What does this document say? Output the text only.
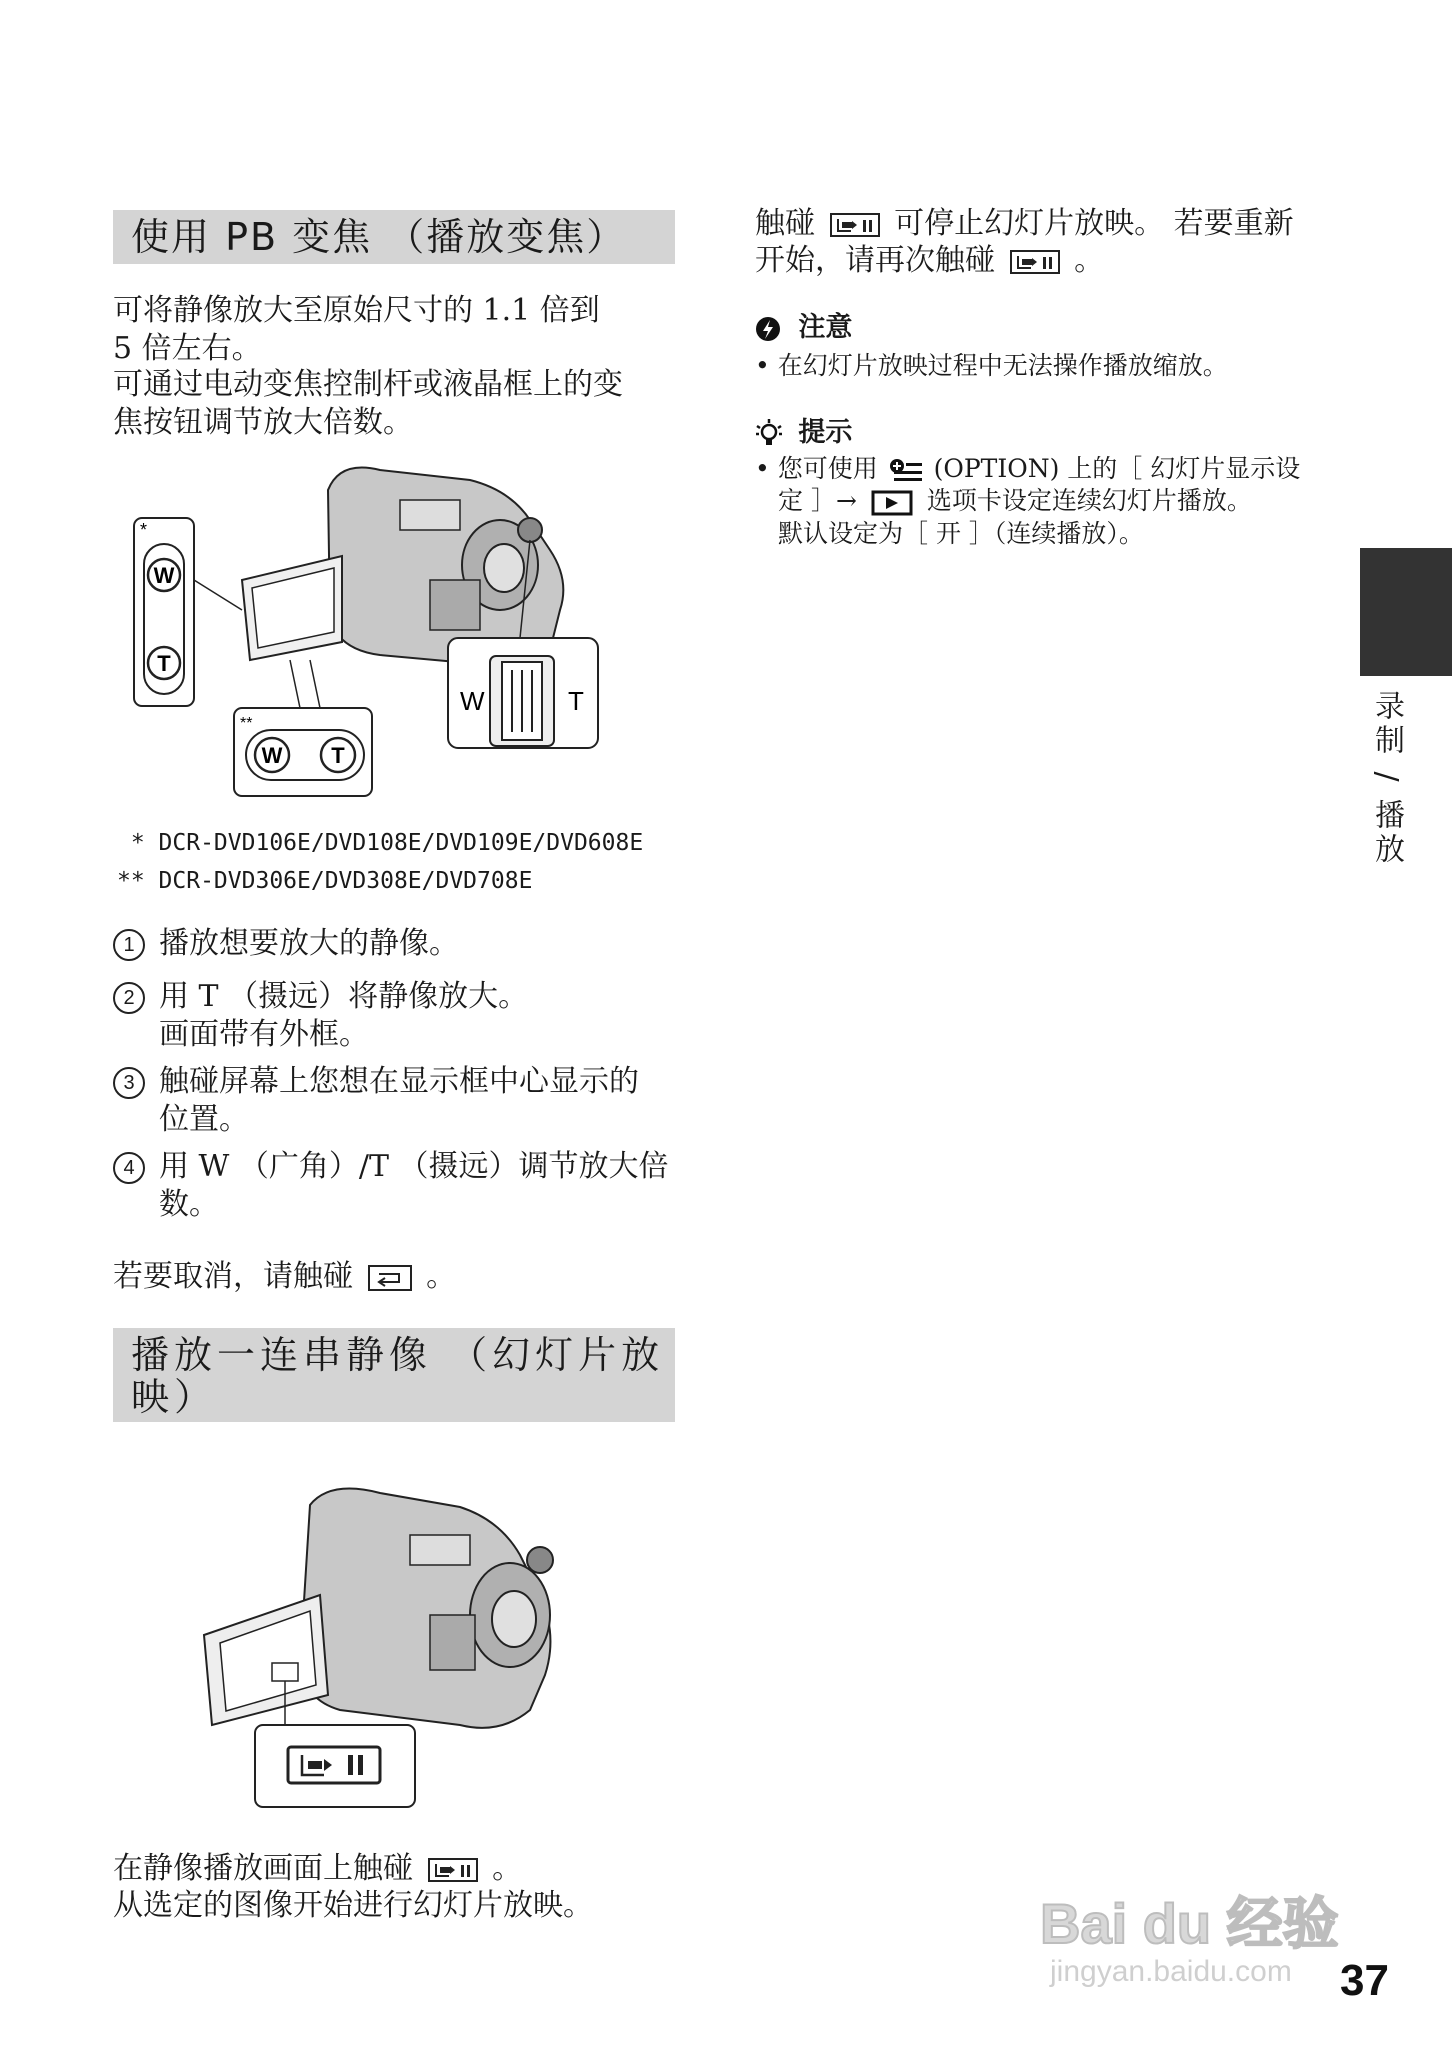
使用 PB 变焦 （播放变焦）
可将静像放大至原始尺寸的 1.1 倍到
5 倍左右。
可通过电动变焦控制杆或液晶框上的变
焦按钮调节放大倍数。
*
W
T
**
W T
W	T
* DCR-DVD106E/DVD108E/DVD109E/DVD608E
** DCR-DVD306E/DVD308E/DVD708E
1 播放想要放大的静像。
2 用 T （摄远）将静像放大。
画面带有外框。
3 触碰屏幕上您想在显示框中心显示的
位置。
4 用 W （广角）/T （摄远）调节放大倍
数。
若要取消，请触碰 。
播放一连串静像 （幻灯片放
映）
在静像播放画面上触碰	。
从选定的图像开始进行幻灯片放映。
触碰	可停止幻灯片放映。 若要重新
开始，请再次触碰	。
注意
• 在幻灯片放映过程中无法操作播放缩放。
提示
• 您可使用 (OPTION) 上的［ 幻灯片显示设
定 ］→	选项卡设定连续幻灯片播放。
默认设定为［ 开 ］（连续播放）。
录制 / 播放
Bai du 经验
jingyan.baidu.com 37
